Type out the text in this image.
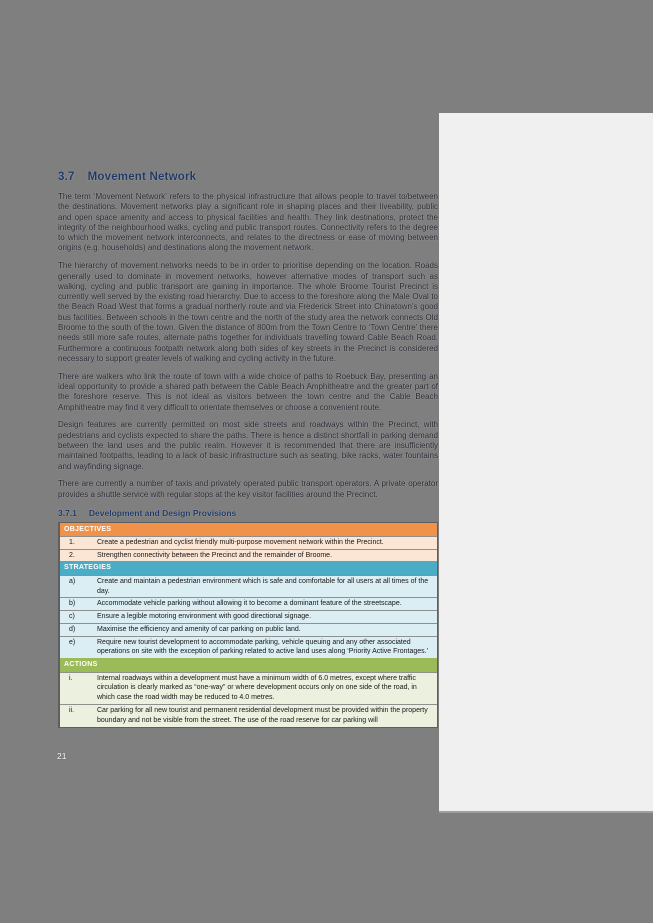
3.7 Movement Network

The term ‘Movement Network’ refers to the physical infrastructure that allows people to travel to/between the destinations. Movement networks play a significant role in shaping places and their liveability, public and open space amenity and access to physical facilities and health. They link destinations, protect the integrity of the neighbourhood walks, cycling and public transport routes. Connectivity refers to the degree to which the movement network interconnects, and relates to the directness or ease of moving between origins (e.g. households) and destinations along the movement network.

The hierarchy of movement networks needs to be in order to prioritise depending on the location. Roads generally used to dominate in movement networks, however alternative modes of transport such as walking, cycling and public transport are gaining in importance. The whole Broome Tourist Precinct is currently well served by the existing road hierarchy. Due to access to the foreshore along the Male Oval to the Beach Road West that forms a gradual northerly route and via Frederick Street into Chinatown’s good bus facilities. Between schools in the town centre and the north of the study area the network connects Old Broome to the south of the town. Given the distance of 800m from the Town Centre to ‘Town Centre’ there needs still more safe routes, alternate paths together for individuals travelling toward Cable Beach Road. Furthermore a continuous footpath network along both sides of key streets in the Precinct is considered necessary to support greater levels of walking and cycling activity in the future.

There are walkers who link the route of town with a wide choice of paths to Roebuck Bay, presenting an ideal opportunity to provide a shared path between the Cable Beach Amphitheatre and the greater part of the foreshore reserve. This is not ideal as visitors between the town centre and the Cable Beach Amphitheatre may find it very difficult to orientate themselves or choose a convenient route.

Design features are currently permitted on most side streets and roadways within the Precinct, with pedestrians and cyclists expected to share the paths. There is hence a distinct shortfall in parking demand between the land uses and the public realm. However it is recommended that there are insufficiently maintained footpaths, leading to a lack of basic infrastructure such as seating, bike racks, water fountains and wayfinding signage.

There are currently a number of taxis and privately operated public transport operators. A private operator provides a shuttle service with regular stops at the key visitor facilities around the Precinct.

3.7.1 Development and Design Provisions
OBJECTIVES
1.	Create a pedestrian and cyclist friendly multi-purpose movement network within the Precinct.
2.	Strengthen connectivity between the Precinct and the remainder of Broome.
STRATEGIES
a)	Create and maintain a pedestrian environment which is safe and comfortable for all users at all times of the day.
b)	Accommodate vehicle parking without allowing it to become a dominant feature of the streetscape.
c)	Ensure a legible motoring environment with good directional signage.
d)	Maximise the efficiency and amenity of car parking on public land.
e)	Require new tourist development to accommodate parking, vehicle queuing and any other associated operations on site with the exception of parking related to active land uses along ‘Priority Active Frontages.’
ACTIONS
i.	Internal roadways within a development must have a minimum width of 6.0 metres, except where traffic circulation is clearly marked as “one-way” or where development occurs only on one side of the road, in which case the road width may be reduced to 4.0 metres.
ii.	Car parking for all new tourist and permanent residential development must be provided within the property boundary and not be visible from the street. The use of the road reserve for car parking will
21
